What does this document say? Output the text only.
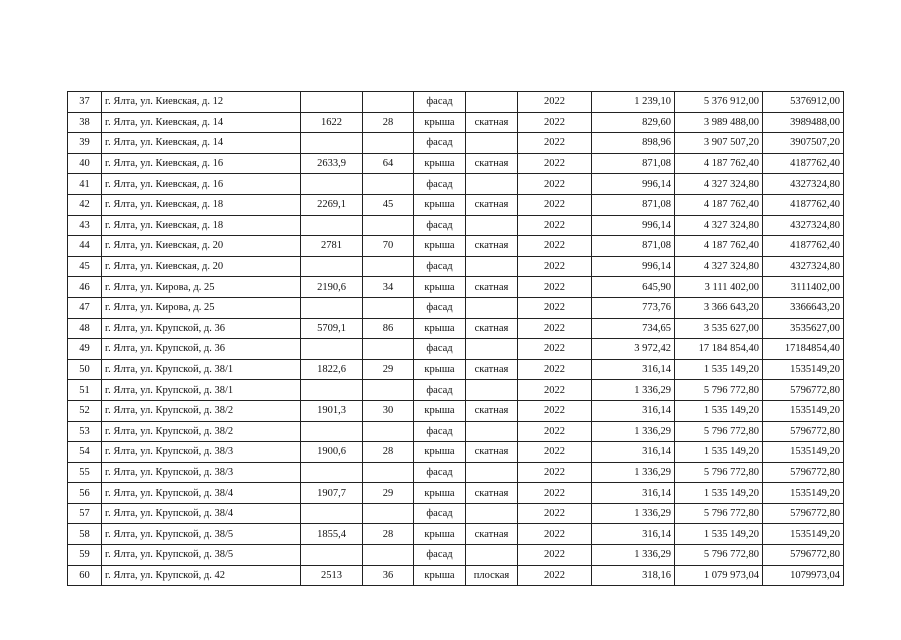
37	г. Ялта, ул. Киевская, д. 12			фасад		2022	1 239,10	5 376 912,00	5376912,00
38	г. Ялта, ул. Киевская, д. 14	1622	28	крыша	скатная	2022	829,60	3 989 488,00	3989488,00
39	г. Ялта, ул. Киевская, д. 14			фасад		2022	898,96	3 907 507,20	3907507,20
40	г. Ялта, ул. Киевская, д. 16	2633,9	64	крыша	скатная	2022	871,08	4 187 762,40	4187762,40
41	г. Ялта, ул. Киевская, д. 16			фасад		2022	996,14	4 327 324,80	4327324,80
42	г. Ялта, ул. Киевская, д. 18	2269,1	45	крыша	скатная	2022	871,08	4 187 762,40	4187762,40
43	г. Ялта, ул. Киевская, д. 18			фасад		2022	996,14	4 327 324,80	4327324,80
44	г. Ялта, ул. Киевская, д. 20	2781	70	крыша	скатная	2022	871,08	4 187 762,40	4187762,40
45	г. Ялта, ул. Киевская, д. 20			фасад		2022	996,14	4 327 324,80	4327324,80
46	г. Ялта, ул. Кирова, д. 25	2190,6	34	крыша	скатная	2022	645,90	3 111 402,00	3111402,00
47	г. Ялта, ул. Кирова, д. 25			фасад		2022	773,76	3 366 643,20	3366643,20
48	г. Ялта, ул. Крупской, д. 36	5709,1	86	крыша	скатная	2022	734,65	3 535 627,00	3535627,00
49	г. Ялта, ул. Крупской, д. 36			фасад		2022	3 972,42	17 184 854,40	17184854,40
50	г. Ялта, ул. Крупской, д. 38/1	1822,6	29	крыша	скатная	2022	316,14	1 535 149,20	1535149,20
51	г. Ялта, ул. Крупской, д. 38/1			фасад		2022	1 336,29	5 796 772,80	5796772,80
52	г. Ялта, ул. Крупской, д. 38/2	1901,3	30	крыша	скатная	2022	316,14	1 535 149,20	1535149,20
53	г. Ялта, ул. Крупской, д. 38/2			фасад		2022	1 336,29	5 796 772,80	5796772,80
54	г. Ялта, ул. Крупской, д. 38/3	1900,6	28	крыша	скатная	2022	316,14	1 535 149,20	1535149,20
55	г. Ялта, ул. Крупской, д. 38/3			фасад		2022	1 336,29	5 796 772,80	5796772,80
56	г. Ялта, ул. Крупской, д. 38/4	1907,7	29	крыша	скатная	2022	316,14	1 535 149,20	1535149,20
57	г. Ялта, ул. Крупской, д. 38/4			фасад		2022	1 336,29	5 796 772,80	5796772,80
58	г. Ялта, ул. Крупской, д. 38/5	1855,4	28	крыша	скатная	2022	316,14	1 535 149,20	1535149,20
59	г. Ялта, ул. Крупской, д. 38/5			фасад		2022	1 336,29	5 796 772,80	5796772,80
60	г. Ялта, ул. Крупской, д. 42	2513	36	крыша	плоская	2022	318,16	1 079 973,04	1079973,04
